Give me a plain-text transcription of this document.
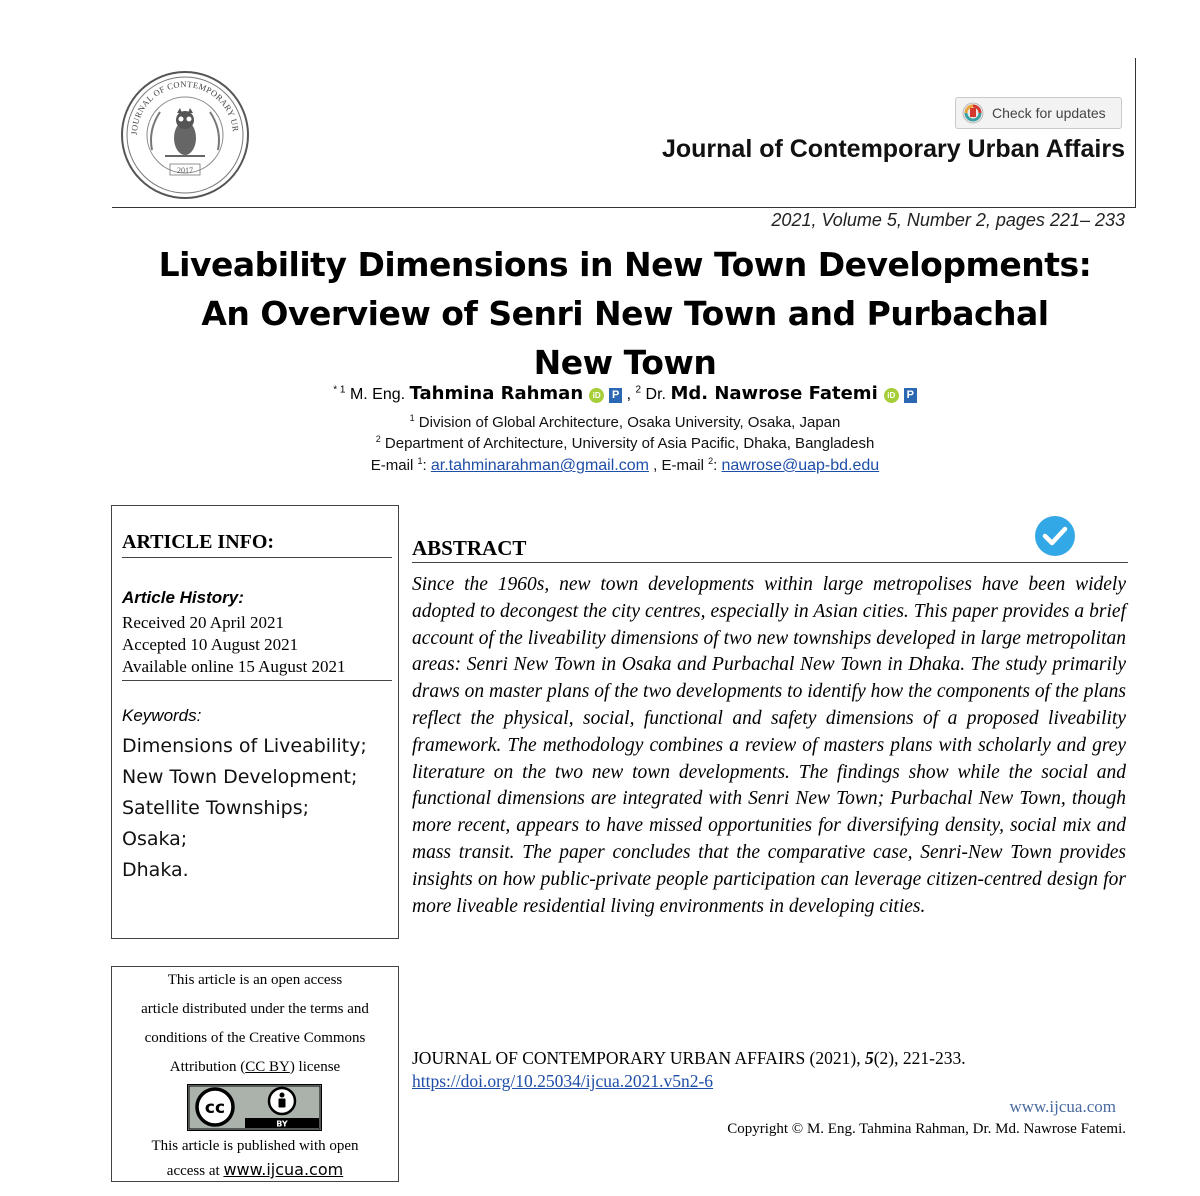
JOURNAL OF CONTEMPORARY UR
2017
Check for updates
Journal of Contemporary Urban Affairs
2021, Volume 5, Number 2, pages 221– 233
Liveability Dimensions in New Town Developments:
An Overview of Senri New Town and Purbachal
New Town
$^{* 1}$ M. Eng. Tahmina Rahman iD P , $^2$ Dr. Md. Nawrose Fatemi iD P
$^1$ Division of Global Architecture, Osaka University, Osaka, Japan
$^2$ Department of Architecture, University of Asia Pacific, Dhaka, Bangladesh
E-mail $^1$: ar.tahminarahman@gmail.com , E-mail $^2$: nawrose@uap-bd.edu
ARTICLE INFO:
Article History:
Received 20 April 2021
Accepted 10 August 2021
Available online 15 August 2021
Keywords:
Dimensions of Liveability;
New Town Development;
Satellite Townships;
Osaka;
Dhaka.
This article is an open access
article distributed under the terms and
conditions of the Creative Commons
Attribution (CC BY) license
cc
BY
This article is published with open
access at www.ijcua.com
ABSTRACT
Since the 1960s, new town developments within large metropolises have been widely adopted to decongest the city centres, especially in Asian cities. This paper provides a brief account of the liveability dimensions of two new townships developed in large metropolitan areas: Senri New Town in Osaka and Purbachal New Town in Dhaka. The study primarily draws on master plans of the two developments to identify how the components of the plans reflect the physical, social, functional and safety dimensions of a proposed liveability framework. The methodology combines a review of masters plans with scholarly and grey literature on the two new town developments. The findings show while the social and functional dimensions are integrated with Senri New Town; Purbachal New Town, though more recent, appears to have missed opportunities for diversifying density, social mix and mass transit. The paper concludes that the comparative case, Senri-New Town provides insights on how public-private people participation can leverage citizen-centred design for more liveable residential living environments in developing cities.
JOURNAL OF CONTEMPORARY URBAN AFFAIRS (2021), 5(2), 221-233.
https://doi.org/10.25034/ijcua.2021.v5n2-6
www.ijcua.com
Copyright © M. Eng. Tahmina Rahman, Dr. Md. Nawrose Fatemi.
